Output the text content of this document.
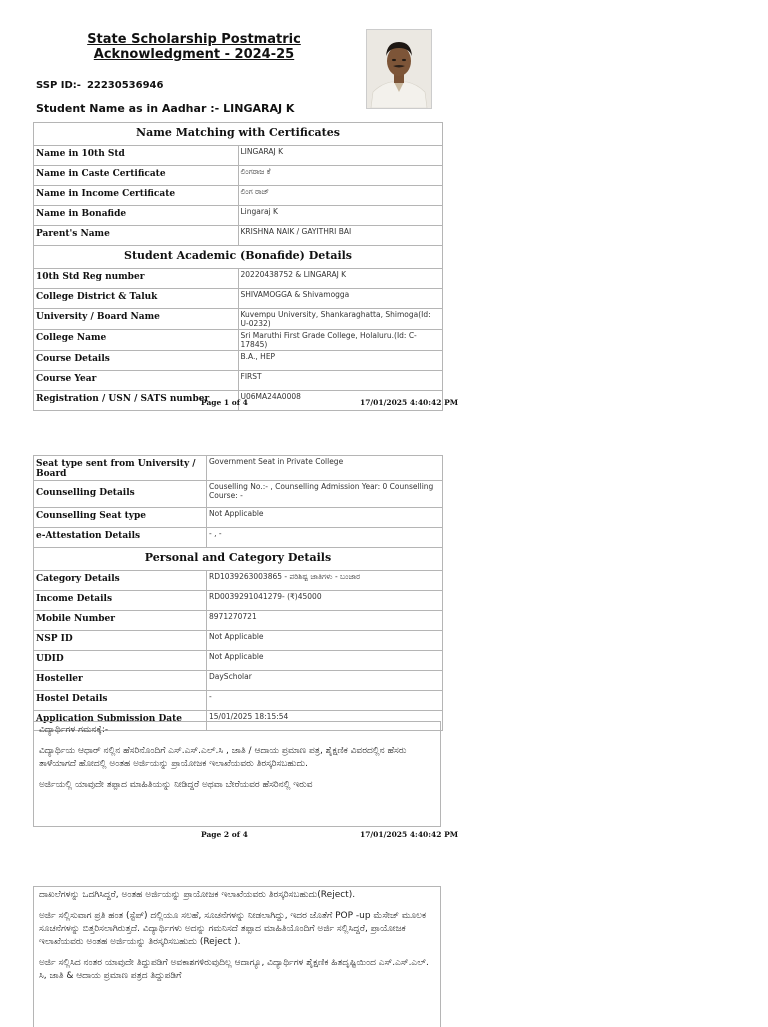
State Scholarship Postmatric
Acknowledgment - 2024-25
SSP ID:- 22230536946
Student Name as in Aadhar :- LINGARAJ K
Name Matching with Certificates	
Name in 10th Std	LINGARAJ K
Name in Caste Certificate	ಲಿಂಗರಾಜ ಕೆ
Name in Income Certificate	ಲಿಂಗ ರಾಜ್
Name in Bonafide	Lingaraj K
Parent's Name	KRISHNA NAIK / GAYITHRI BAI
Student Academic (Bonafide) Details	
10th Std Reg number	20220438752 & LINGARAJ K
College District & Taluk	SHIVAMOGGA & Shivamogga
University / Board Name	Kuvempu University, Shankaraghatta, Shimoga(Id: U-0232)
College Name	Sri Maruthi First Grade College, Holaluru.(Id: C-17845)
Course Details	B.A., HEP
Course Year	FIRST
Registration / USN / SATS number	U06MA24A0008
Page 1 of 4	17/01/2025 4:40:42 PM
Seat type sent from University / Board	Government Seat in Private College
Counselling Details	Couselling No.:- , Counselling Admission Year: 0 Counselling Course: -
Counselling Seat type	Not Applicable
e-Attestation Details	- , -
Personal and Category Details	
Category Details	RD1039263003865 - ಪರಿಶಿಷ್ಟ ಜಾತಿಗಳು - ಬಂಜಾರ
Income Details	RD0039291041279- (₹)45000
Mobile Number	8971270721
NSP ID	Not Applicable
UDID	Not Applicable
Hosteller	DayScholar
Hostel Details	-
Application Submission Date	15/01/2025 18:15:54

ವಿದ್ಯಾರ್ಥಿಗಳ ಗಮನಕ್ಕೆ:-

ವಿದ್ಯಾರ್ಥಿಯ ಆಧಾರ್ ನಲ್ಲಿನ ಹೆಸರಿನೊಂದಿಗೆ ಎಸ್.ಎಸ್.ಎಲ್.ಸಿ , ಜಾತಿ / ಆದಾಯ ಪ್ರಮಾಣ ಪತ್ರ, ಶೈಕ್ಷಣಿಕ ವಿವರದಲ್ಲಿನ ಹೆಸರು ತಾಳೆಯಾಗದೆ ಹೋದಲ್ಲಿ ಅಂತಹ ಅರ್ಜಿಯನ್ನು ಪ್ರಾಯೋಜಕ ಇಲಾಖೆಯವರು ತಿರಸ್ಕರಿಸಬಹುದು.

ಅರ್ಜಿಯಲ್ಲಿ ಯಾವುದೇ ತಪ್ಪಾದ ಮಾಹಿತಿಯನ್ನು ನೀಡಿದ್ದರೆ ಅಥವಾ ಬೇರೆಯವರ ಹೆಸರಿನಲ್ಲಿ ಇರುವ

Page 2 of 4	17/01/2025 4:40:42 PM

ದಾಖಲೆಗಳನ್ನು ಒದಗಿಸಿದ್ದರೆ, ಅಂತಹ ಅರ್ಜಿಯನ್ನು ಪ್ರಾಯೋಜಕ ಇಲಾಖೆಯವರು ತಿರಸ್ಕರಿಸಬಹುದು(Reject).

ಅರ್ಜಿ ಸಲ್ಲಿಸುವಾಗ ಪ್ರತಿ ಹಂತ (ಸ್ಟೆಪ್) ದಲ್ಲಿಯೂ ಸಲಹೆ, ಸೂಚನೆಗಳನ್ನು ನೀಡಲಾಗಿದ್ದು, ಇದರ ಜೊತೆಗೆ POP -up ಮೆಸೇಜ್ ಮೂಲಕ ಸೂಚನೆಗಳನ್ನು ಬಿತ್ತರಿಸಲಾಗಿರುತ್ತದೆ. ವಿದ್ಯಾರ್ಥಿಗಳು ಅದನ್ನು ಗಮನಿಸದೆ ತಪ್ಪಾದ ಮಾಹಿತಿಯೊಂದಿಗೆ ಅರ್ಜಿ ಸಲ್ಲಿಸಿದ್ದರೆ, ಪ್ರಾಯೋಜಕ ಇಲಾಖೆಯವರು ಅಂತಹ ಅರ್ಜಿಯನ್ನು ತಿರಸ್ಕರಿಸಬಹುದು (Reject ).

ಅರ್ಜಿ ಸಲ್ಲಿಸಿದ ನಂತರ ಯಾವುದೇ ತಿದ್ದುಪಡಿಗೆ ಅವಕಾಶಗಳಿರುವುದಿಲ್ಲ ಆದಾಗ್ಯೂ, ವಿದ್ಯಾರ್ಥಿಗಳ ಶೈಕ್ಷಣಿಕ ಹಿತದೃಷ್ಟಿಯಿಂದ ಎಸ್.ಎಸ್.ಎಲ್. ಸಿ, ಜಾತಿ & ಆದಾಯ ಪ್ರಮಾಣ ಪತ್ರದ ತಿದ್ದುಪಡಿಗೆ
